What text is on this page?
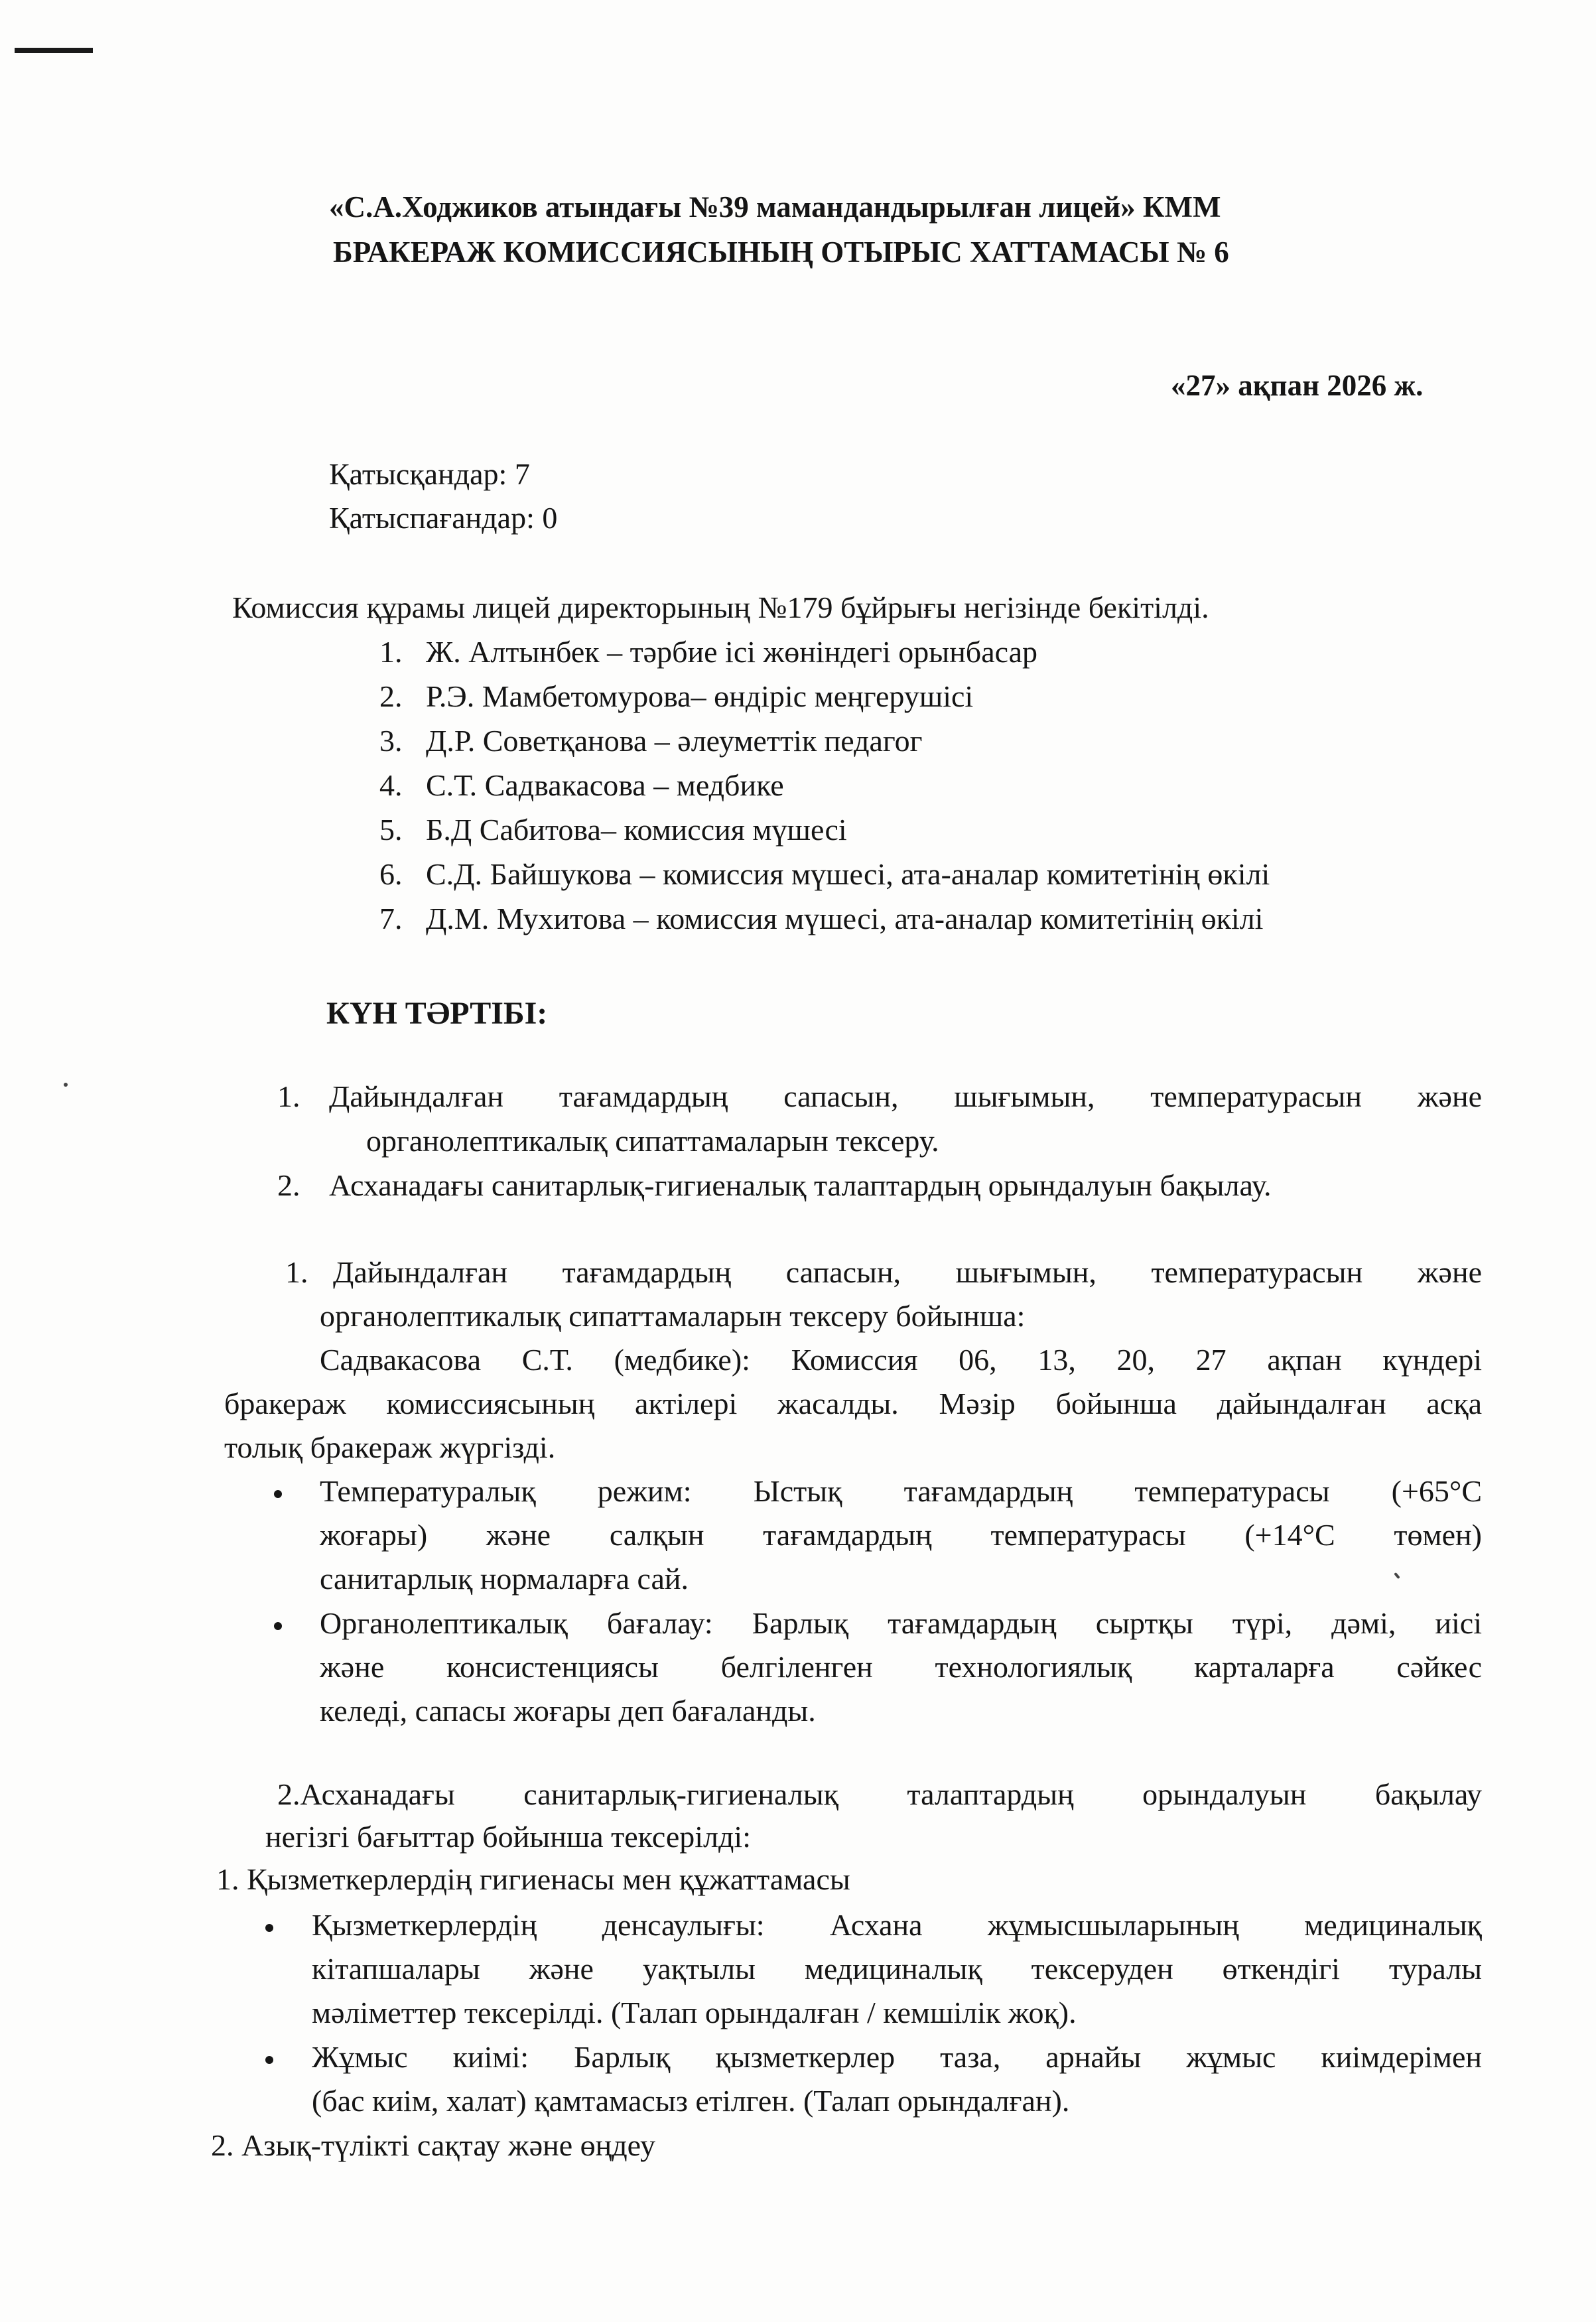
«С.А.Ходжиков атындағы №39 мамандандырылған лицей» КММ
БРАКЕРАЖ КОМИССИЯСЫНЫҢ ОТЫРЫС ХАТТАМАСЫ № 6
«27» ақпан 2026 ж.
Қатысқандар: 7
Қатыспағандар: 0
Комиссия құрамы лицей директорының №179 бұйрығы негізінде бекітілді.
1. Ж. Алтынбек – тәрбие ісі жөніндегі орынбасар
2. Р.Э. Мамбетомурова– өндіріс меңгерушісі
3. Д.Р. Советқанова – әлеуметтік педагог
4. С.Т. Садвакасова – медбике
5. Б.Д Сабитова– комиссия мүшесі
6. С.Д. Байшукова – комиссия мүшесі, ата-аналар комитетінің өкілі
7. Д.М. Мухитова – комиссия мүшесі, ата-аналар комитетінің өкілі
КҮН ТӘРТІБІ:
1. Дайындалған тағамдардың сапасын, шығымын, температурасын және
органолептикалық сипаттамаларын тексеру.
2. Асханадағы санитарлық-гигиеналық талаптардың орындалуын бақылау.
1. Дайындалған тағамдардың сапасын, шығымын, температурасын және
органолептикалық сипаттамаларын тексеру бойынша:
Садвакасова С.Т. (медбике): Комиссия 06, 13, 20, 27 ақпан күндері
бракераж комиссиясының актілері жасалды. Мәзір бойынша дайындалған асқа
толық бракераж жүргізді.
Температуралық режим: Ыстық тағамдардың температурасы (+65°С
жоғары) және салқын тағамдардың температурасы (+14°С төмен)
санитарлық нормаларға сай.
Органолептикалық бағалау: Барлық тағамдардың сыртқы түрі, дәмі, иісі
және консистенциясы белгіленген технологиялық карталарға сәйкес
келеді, сапасы жоғары деп бағаланды.
2.Асханадағы санитарлық-гигиеналық талаптардың орындалуын бақылау
негізгі бағыттар бойынша тексерілді:
1. Қызметкерлердің гигиенасы мен құжаттамасы
Қызметкерлердің денсаулығы: Асхана жұмысшыларының медициналық
кітапшалары және уақтылы медициналық тексеруден өткендігі туралы
мәліметтер тексерілді. (Талап орындалған / кемшілік жоқ).
Жұмыс киімі: Барлық қызметкерлер таза, арнайы жұмыс киімдерімен
(бас киім, халат) қамтамасыз етілген. (Талап орындалған).
2. Азық-түлікті сақтау және өңдеу
